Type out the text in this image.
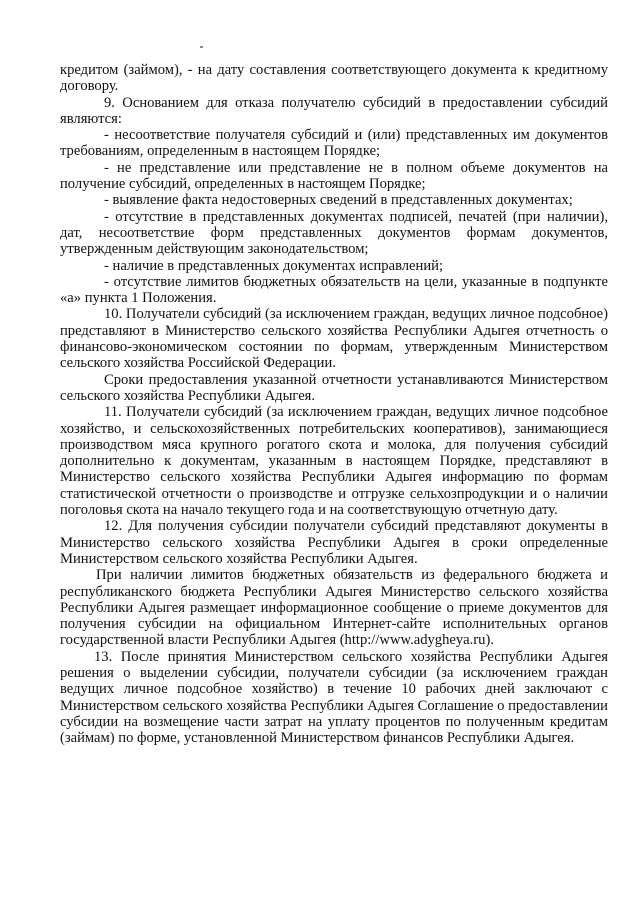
кредитом (займом), - на дату составления соответствующего документа к кредитному договору.

9. Основанием для отказа получателю субсидий в предоставлении субсидий являются:

- несоответствие получателя субсидий и (или) представленных им документов требованиям, определенным в настоящем Порядке;

- не представление или представление не в полном объеме документов на получение субсидий, определенных в настоящем Порядке;

- выявление факта недостоверных сведений в представленных документах;

- отсутствие в представленных документах подписей, печатей (при наличии), дат, несоответствие форм представленных документов формам документов, утвержденным действующим законодательством;

- наличие в представленных документах исправлений;

- отсутствие лимитов бюджетных обязательств на цели, указанные в подпункте «а» пункта 1 Положения.

10. Получатели субсидий (за исключением граждан, ведущих личное подсобное) представляют в Министерство сельского хозяйства Республики Адыгея отчетность о финансово-экономическом состоянии по формам, утвержденным Министерством сельского хозяйства Российской Федерации.

Сроки предоставления указанной отчетности устанавливаются Министерством сельского хозяйства Республики Адыгея.

11. Получатели субсидий (за исключением граждан, ведущих личное подсобное хозяйство, и сельскохозяйственных потребительских кооперативов), занимающиеся производством мяса крупного рогатого скота и молока, для получения субсидий дополнительно к документам, указанным в настоящем Порядке, представляют в Министерство сельского хозяйства Республики Адыгея информацию по формам статистической отчетности о производстве и отгрузке сельхозпродукции и о наличии поголовья скота на начало текущего года и на соответствующую отчетную дату.

12. Для получения субсидии получатели субсидий представляют документы в Министерство сельского хозяйства Республики Адыгея в сроки определенные Министерством сельского хозяйства Республики Адыгея.

При наличии лимитов бюджетных обязательств из федерального бюджета и республиканского бюджета Республики Адыгея Министерство сельского хозяйства Республики Адыгея размещает информационное сообщение о приеме документов для получения субсидии на официальном Интернет-сайте исполнительных органов государственной власти Республики Адыгея (http://www.adygheya.ru).

13. После принятия Министерством сельского хозяйства Республики Адыгея решения о выделении субсидии, получатели субсидии (за исключением граждан ведущих личное подсобное хозяйство) в течение 10 рабочих дней заключают с Министерством сельского хозяйства Республики Адыгея Соглашение о предоставлении субсидии на возмещение части затрат на уплату процентов по полученным кредитам (займам) по форме, установленной Министерством финансов Республики Адыгея.
